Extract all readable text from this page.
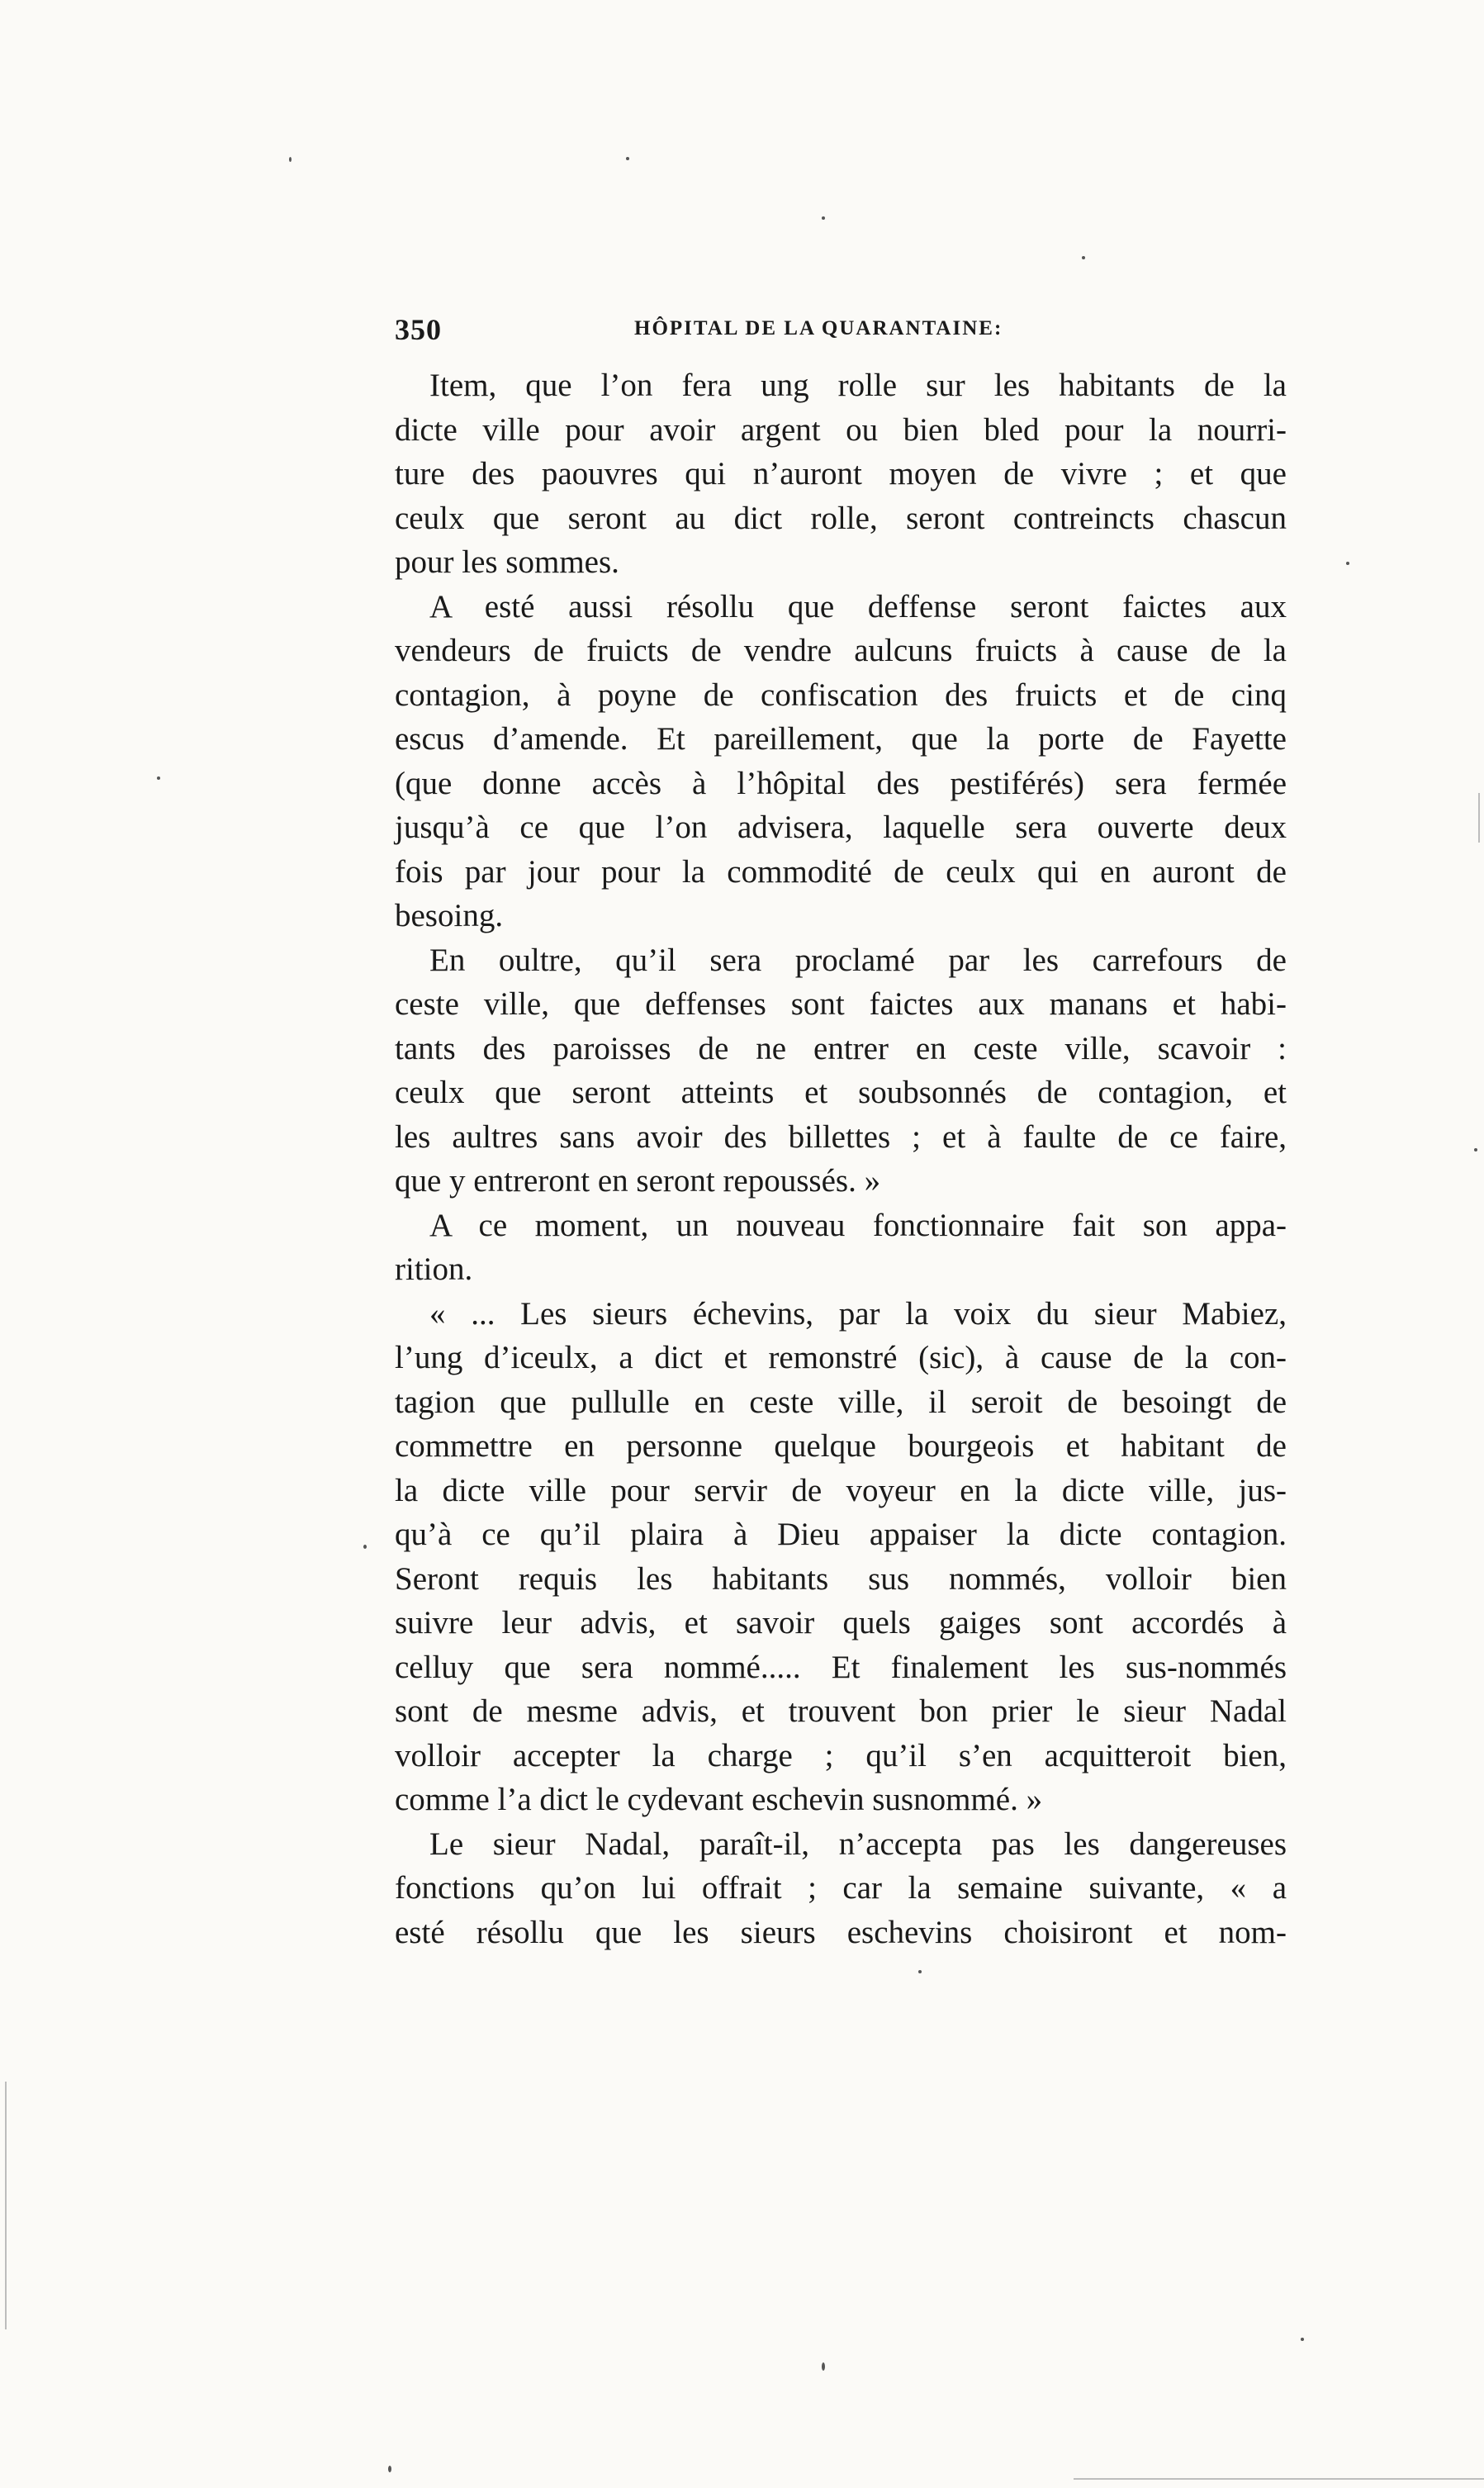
350	HÔPITAL DE LA QUARANTAINE:
Item, que l’on fera ung rolle sur les habitants de la
dicte ville pour avoir argent ou bien bled pour la nourri-
ture des paouvres qui n’auront moyen de vivre ; et que
ceulx que seront au dict rolle, seront contreincts chascun
pour les sommes.
A esté aussi résollu que deffense seront faictes aux
vendeurs de fruicts de vendre aulcuns fruicts à cause de la
contagion, à poyne de confiscation des fruicts et de cinq
escus d’amende. Et pareillement, que la porte de Fayette
(que donne accès à l’hôpital des pestiférés) sera fermée
jusqu’à ce que l’on advisera, laquelle sera ouverte deux
fois par jour pour la commodité de ceulx qui en auront de
besoing.
En oultre, qu’il sera proclamé par les carrefours de
ceste ville, que deffenses sont faictes aux manans et habi-
tants des paroisses de ne entrer en ceste ville, scavoir :
ceulx que seront atteints et soubsonnés de contagion, et
les aultres sans avoir des billettes ; et à faulte de ce faire,
que y entreront en seront repoussés. »
A ce moment, un nouveau fonctionnaire fait son appa-
rition.
« ... Les sieurs échevins, par la voix du sieur Mabiez,
l’ung d’iceulx, a dict et remonstré (sic), à cause de la con-
tagion que pullulle en ceste ville, il seroit de besoingt de
commettre en personne quelque bourgeois et habitant de
la dicte ville pour servir de voyeur en la dicte ville, jus-
qu’à ce qu’il plaira à Dieu appaiser la dicte contagion.
Seront requis les habitants sus nommés, volloir bien
suivre leur advis, et savoir quels gaiges sont accordés à
celluy que sera nommé..... Et finalement les sus-nommés
sont de mesme advis, et trouvent bon prier le sieur Nadal
volloir accepter la charge ; qu’il s’en acquitteroit bien,
comme l’a dict le cydevant eschevin susnommé. »
Le sieur Nadal, paraît-il, n’accepta pas les dangereuses
fonctions qu’on lui offrait ; car la semaine suivante, « a
esté résollu que les sieurs eschevins choisiront et nom-
